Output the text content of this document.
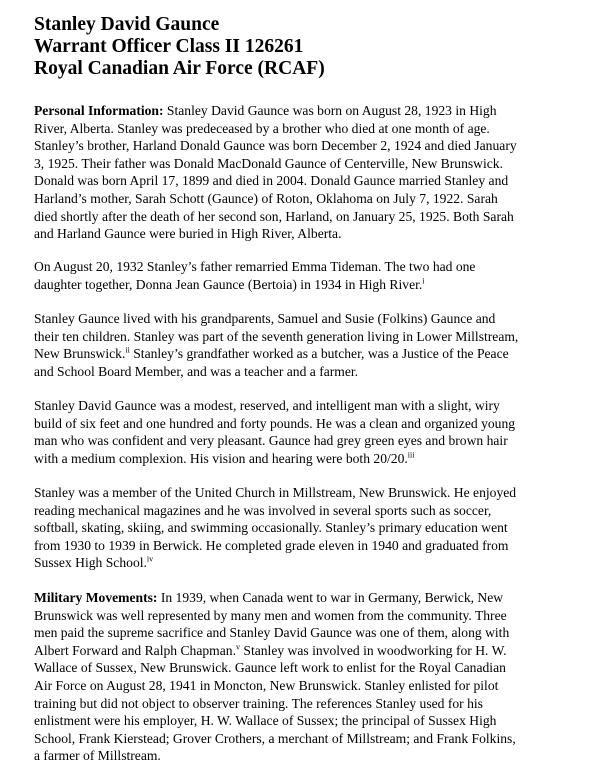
Stanley David Gaunce
Warrant Officer Class II 126261
Royal Canadian Air Force (RCAF)
Personal Information: Stanley David Gaunce was born on August 28, 1923 in High
River, Alberta. Stanley was predeceased by a brother who died at one month of age.
Stanley’s brother, Harland Donald Gaunce was born December 2, 1924 and died January
3, 1925. Their father was Donald MacDonald Gaunce of Centerville, New Brunswick.
Donald was born April 17, 1899 and died in 2004. Donald Gaunce married Stanley and
Harland’s mother, Sarah Schott (Gaunce) of Roton, Oklahoma on July 7, 1922. Sarah
died shortly after the death of her second son, Harland, on January 25, 1925. Both Sarah
and Harland Gaunce were buried in High River, Alberta.
On August 20, 1932 Stanley’s father remarried Emma Tideman. The two had one
daughter together, Donna Jean Gaunce (Bertoia) in 1934 in High River.$^i$
Stanley Gaunce lived with his grandparents, Samuel and Susie (Folkins) Gaunce and
their ten children. Stanley was part of the seventh generation living in Lower Millstream,
New Brunswick.$^{ii}$ Stanley’s grandfather worked as a butcher, was a Justice of the Peace
and School Board Member, and was a teacher and a farmer.
Stanley David Gaunce was a modest, reserved, and intelligent man with a slight, wiry
build of six feet and one hundred and forty pounds. He was a clean and organized young
man who was confident and very pleasant. Gaunce had grey green eyes and brown hair
with a medium complexion. His vision and hearing were both 20/20.$^{iii}$
Stanley was a member of the United Church in Millstream, New Brunswick. He enjoyed
reading mechanical magazines and he was involved in several sports such as soccer,
softball, skating, skiing, and swimming occasionally. Stanley’s primary education went
from 1930 to 1939 in Berwick. He completed grade eleven in 1940 and graduated from
Sussex High School.$^{iv}$
Military Movements: In 1939, when Canada went to war in Germany, Berwick, New
Brunswick was well represented by many men and women from the community. Three
men paid the supreme sacrifice and Stanley David Gaunce was one of them, along with
Albert Forward and Ralph Chapman.$^v$ Stanley was involved in woodworking for H. W.
Wallace of Sussex, New Brunswick. Gaunce left work to enlist for the Royal Canadian
Air Force on August 28, 1941 in Moncton, New Brunswick. Stanley enlisted for pilot
training but did not object to observer training. The references Stanley used for his
enlistment were his employer, H. W. Wallace of Sussex; the principal of Sussex High
School, Frank Kierstead; Grover Crothers, a merchant of Millstream; and Frank Folkins,
a farmer of Millstream.
